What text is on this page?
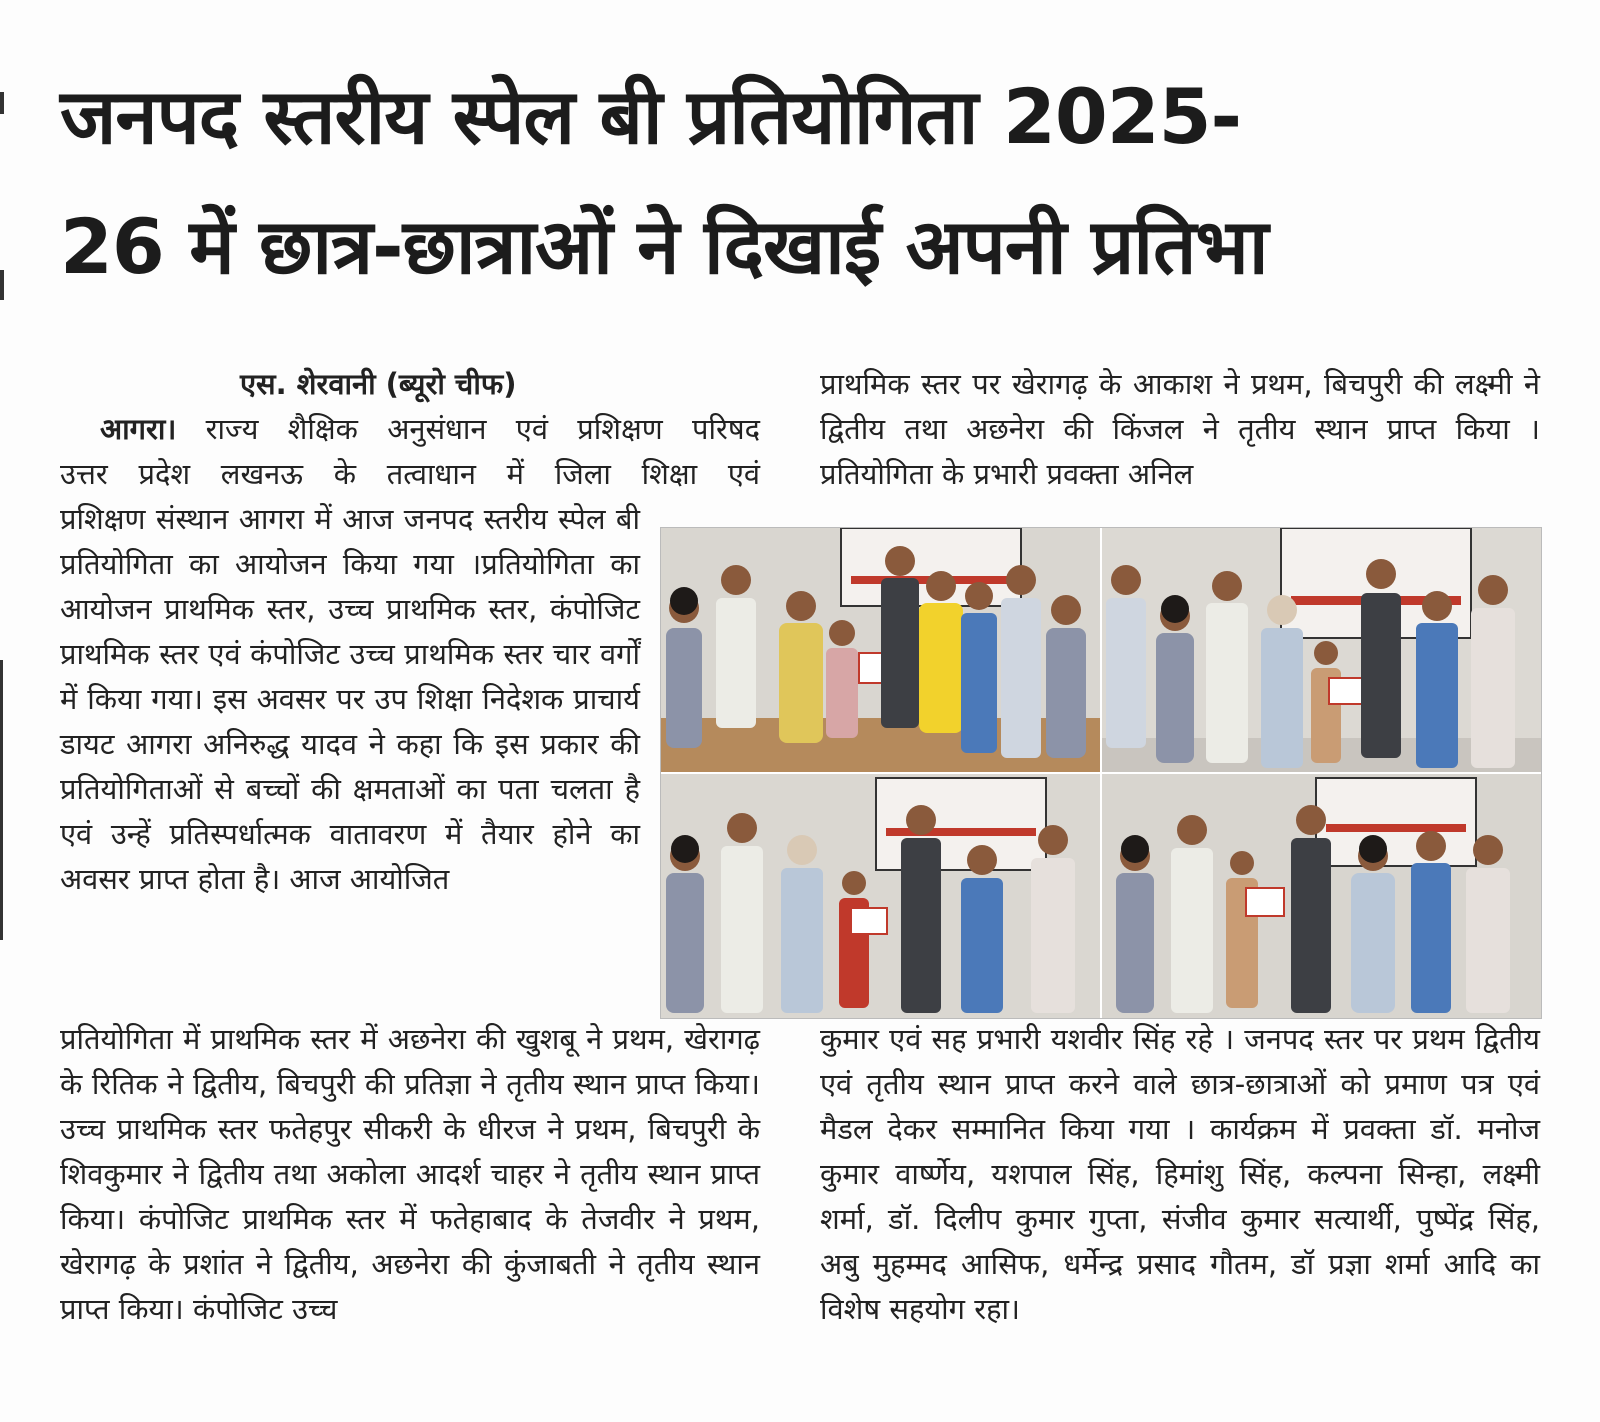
जनपद स्तरीय स्पेल बी प्रतियोगिता 2025-
26 में छात्र-छात्राओं ने दिखाई अपनी प्रतिभा
एस. शेरवानी (ब्यूरो चीफ)

आगरा। राज्य शैक्षिक अनुसंधान एवं प्रशिक्षण परिषद

उत्तर प्रदेश लखनऊ के तत्वाधान में जिला शिक्षा एवं

प्रशिक्षण संस्थान आगरा में आज जनपद स्तरीय स्पेल बी प्रतियोगिता का आयोजन किया गया ।प्रतियोगिता का आयोजन प्राथमिक स्तर, उच्च प्राथमिक स्तर, कंपोजिट प्राथमिक स्तर एवं कंपोजिट उच्च प्राथमिक स्तर चार वर्गों में किया गया। इस अवसर पर उप शिक्षा निदेशक प्राचार्य डायट आगरा अनिरुद्ध यादव ने कहा कि इस प्रकार की प्रतियोगिताओं से बच्चों की क्षमताओं का पता चलता है एवं उन्हें प्रतिस्पर्धात्मक वातावरण में तैयार होने का अवसर प्राप्त होता है। आज आयोजित

प्रतियोगिता में प्राथमिक स्तर में अछनेरा की खुशबू ने प्रथम, खेरागढ़ के रितिक ने द्वितीय, बिचपुरी की प्रतिज्ञा ने तृतीय स्थान प्राप्त किया। उच्च प्राथमिक स्तर फतेहपुर सीकरी के धीरज ने प्रथम, बिचपुरी के शिवकुमार ने द्वितीय तथा अकोला आदर्श चाहर ने तृतीय स्थान प्राप्त किया। कंपोजिट प्राथमिक स्तर में फतेहाबाद के तेजवीर ने प्रथम, खेरागढ़ के प्रशांत ने द्वितीय, अछनेरा की कुंजाबती ने तृतीय स्थान प्राप्त किया। कंपोजिट उच्च

प्राथमिक स्तर पर खेरागढ़ के आकाश ने प्रथम, बिचपुरी की लक्ष्मी ने द्वितीय तथा अछनेरा की किंजल ने तृतीय स्थान प्राप्त किया । प्रतियोगिता के प्रभारी प्रवक्ता अनिल

कुमार एवं सह प्रभारी यशवीर सिंह रहे । जनपद स्तर पर प्रथम द्वितीय एवं तृतीय स्थान प्राप्त करने वाले छात्र-छात्राओं को प्रमाण पत्र एवं मैडल देकर सम्मानित किया गया । कार्यक्रम में प्रवक्ता डॉ. मनोज कुमार वार्ष्णेय, यशपाल सिंह, हिमांशु सिंह, कल्पना सिन्हा, लक्ष्मी शर्मा, डॉ. दिलीप कुमार गुप्ता, संजीव कुमार सत्यार्थी, पुष्पेंद्र सिंह, अबु मुहम्मद आसिफ, धर्मेन्द्र प्रसाद गौतम, डॉ प्रज्ञा शर्मा आदि का विशेष सहयोग रहा।
